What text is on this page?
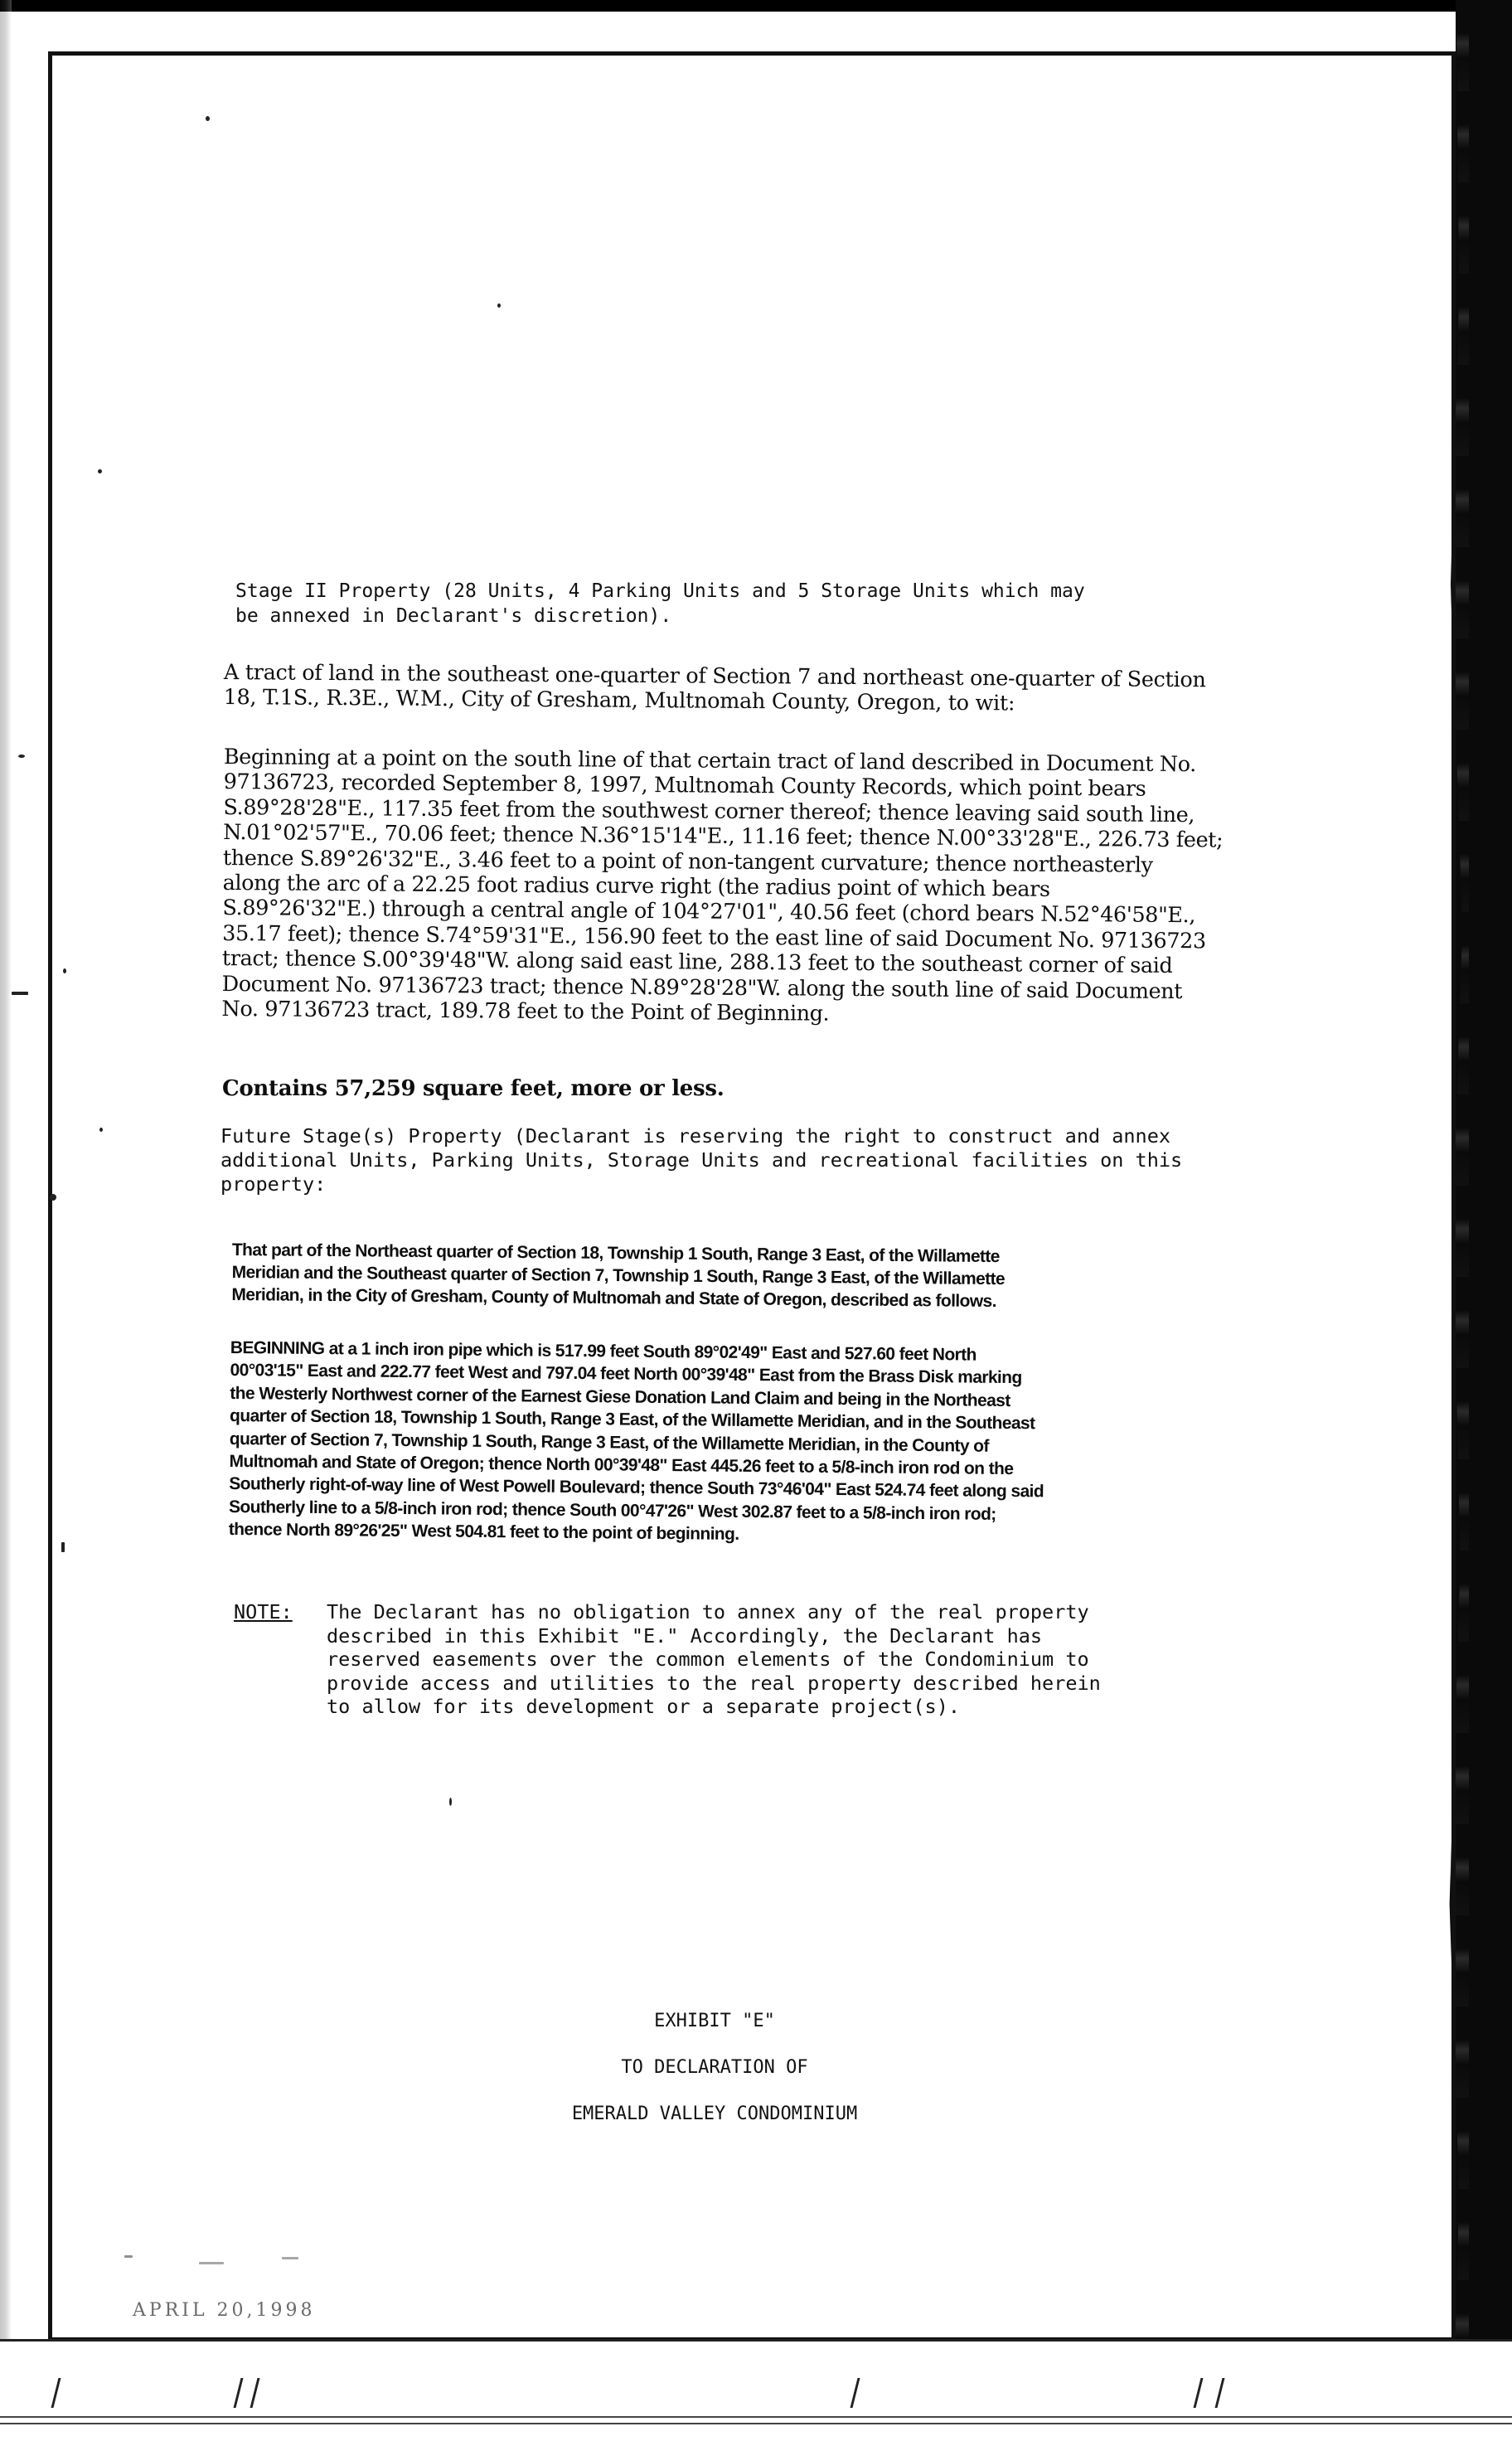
Stage II Property (28 Units, 4 Parking Units and 5 Storage Units which may
be annexed in Declarant's discretion).

A tract of land in the southeast one-quarter of Section 7 and northeast one-quarter of Section
18, T.1S., R.3E., W.M., City of Gresham, Multnomah County, Oregon, to wit:

Beginning at a point on the south line of that certain tract of land described in Document No.
97136723, recorded September 8, 1997, Multnomah County Records, which point bears
S.89°28'28"E., 117.35 feet from the southwest corner thereof; thence leaving said south line,
N.01°02'57"E., 70.06 feet; thence N.36°15'14"E., 11.16 feet; thence N.00°33'28"E., 226.73 feet;
thence S.89°26'32"E., 3.46 feet to a point of non-tangent curvature; thence northeasterly
along the arc of a 22.25 foot radius curve right (the radius point of which bears
S.89°26'32"E.) through a central angle of 104°27'01", 40.56 feet (chord bears N.52°46'58"E.,
35.17 feet); thence S.74°59'31"E., 156.90 feet to the east line of said Document No. 97136723
tract; thence S.00°39'48"W. along said east line, 288.13 feet to the southeast corner of said
Document No. 97136723 tract; thence N.89°28'28"W. along the south line of said Document
No. 97136723 tract, 189.78 feet to the Point of Beginning.

Contains 57,259 square feet, more or less.

Future Stage(s) Property (Declarant is reserving the right to construct and annex
additional Units, Parking Units, Storage Units and recreational facilities on this

property:

That part of the Northeast quarter of Section 18, Township 1 South, Range 3 East, of the Willamette
Meridian and the Southeast quarter of Section 7, Township 1 South, Range 3 East, of the Willamette
Meridian, in the City of Gresham, County of Multnomah and State of Oregon, described as follows.

BEGINNING at a 1 inch iron pipe which is 517.99 feet South 89°02'49" East and 527.60 feet North
00°03'15" East and 222.77 feet West and 797.04 feet North 00°39'48" East from the Brass Disk marking
the Westerly Northwest corner of the Earnest Giese Donation Land Claim and being in the Northeast
quarter of Section 18, Township 1 South, Range 3 East, of the Willamette Meridian, and in the Southeast
quarter of Section 7, Township 1 South, Range 3 East, of the Willamette Meridian, in the County of
Multnomah and State of Oregon; thence North 00°39'48" East 445.26 feet to a 5/8-inch iron rod on the
Southerly right-of-way line of West Powell Boulevard; thence South 73°46'04" East 524.74 feet along said
Southerly line to a 5/8-inch iron rod; thence South 00°47'26" West 302.87 feet to a 5/8-inch iron rod;
thence North 89°26'25" West 504.81 feet to the point of beginning.

NOTE: The Declarant has no obligation to annex any of the real property
described in this Exhibit "E." Accordingly, the Declarant has
reserved easements over the common elements of the Condominium to
provide access and utilities to the real property described herein
to allow for its development or a separate project(s).

EXHIBIT "E"

TO DECLARATION OF

EMERALD VALLEY CONDOMINIUM

APRIL 20,1998
